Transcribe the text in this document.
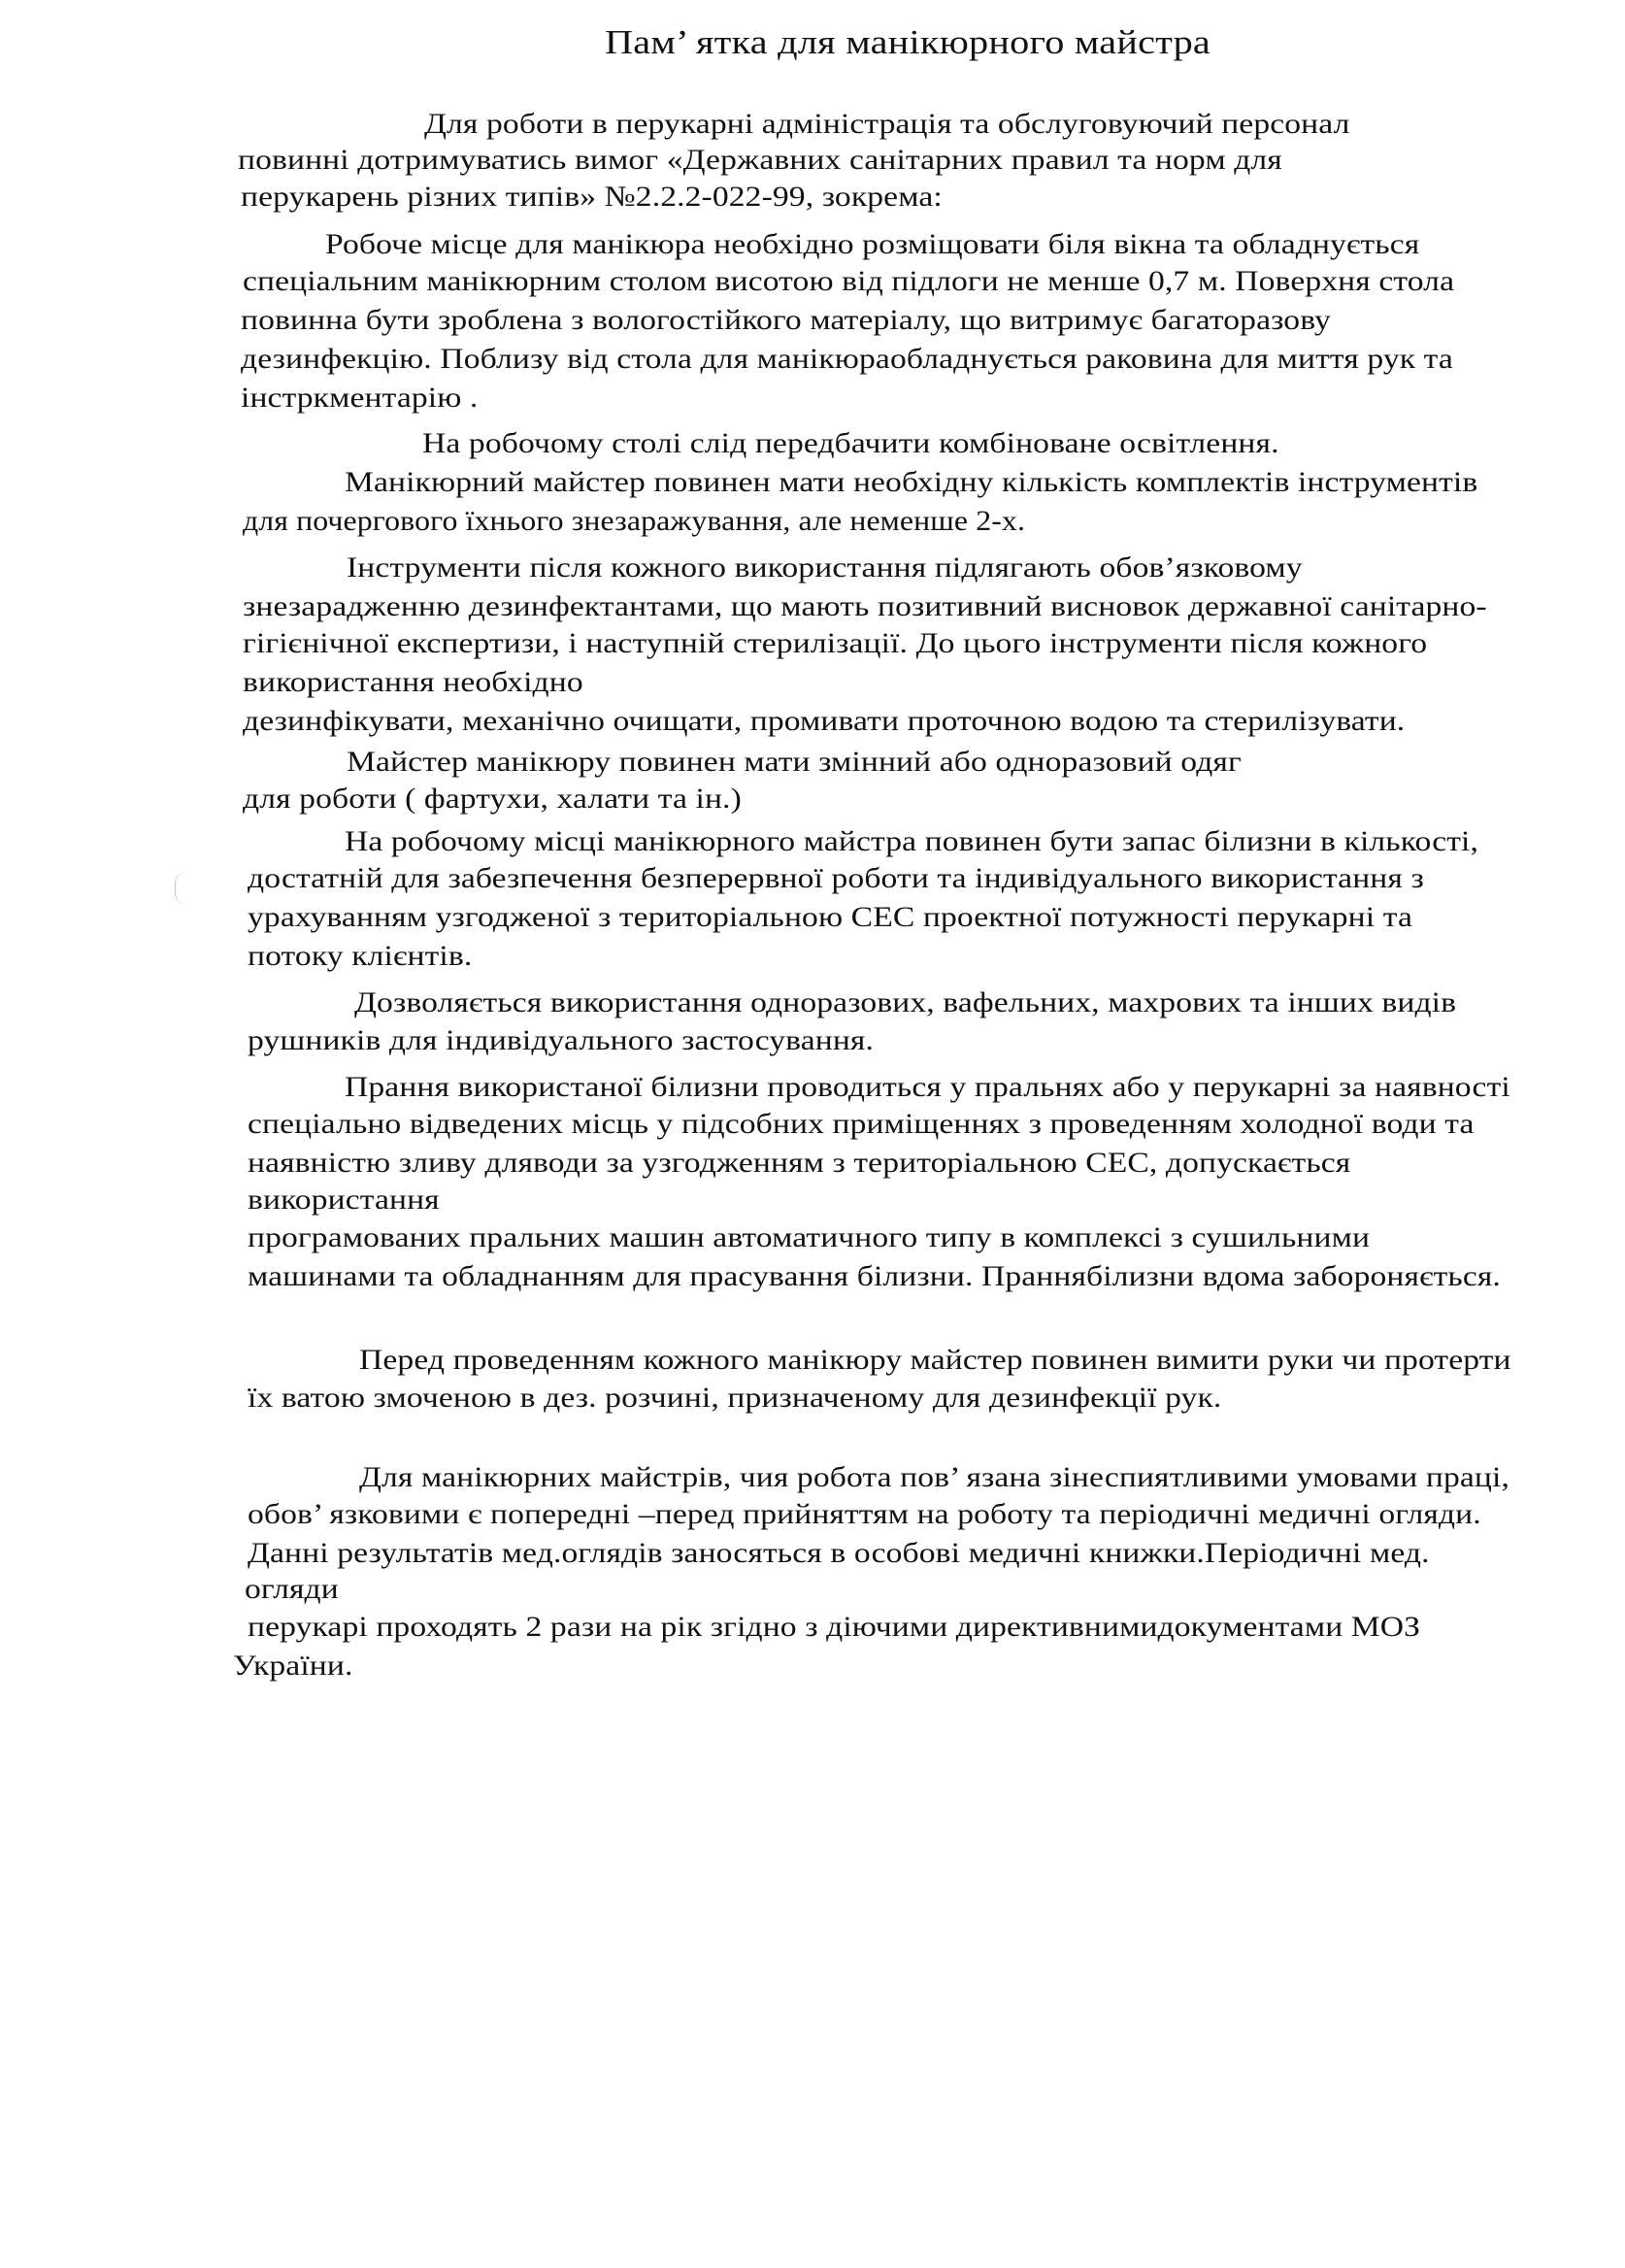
Пам’ ятка для манікюрного майстра
Для роботи в перукарні адміністрація та обслуговуючий персонал
повинні дотримуватись вимог «Державних санітарних правил та норм для
перукарень різних типів» №2.2.2-022-99, зокрема:
Робоче місце для манікюра необхідно розміщовати біля вікна та обладнується
спеціальним манікюрним столом висотою від підлоги не менше 0,7 м. Поверхня стола
повинна бути зроблена з вологостійкого матеріалу, що витримує багаторазову
дезинфекцію. Поблизу від стола для манікюраобладнується раковина для миття рук та
інстркментарію .
На робочому столі слід передбачити комбіноване освітлення.
Манікюрний майстер повинен мати необхідну кількість комплектів інструментів
для почергового їхнього знезаражування, але неменше 2-х.
Інструменти після кожного використання підлягають обов’язковому
знезараджeнню дезинфектантами, що мають позитивний висновок державної санітарно-
гігієнічної експертизи, і наступній стерилізації. До цього інструменти після кожного
використання необхідно
дезинфікувати, механічно очищати, промивати проточною водою та стерилізувати.
Майстер манікюру повинен мати змінний або одноразовий одяг
для роботи ( фартухи, халати та ін.)
На робочому місці манікюрного майстра повинен бути запас білизни в кількості,
достатній для забезпечення безперервної роботи та індивідуального використання з
урахуванням узгодженої з територіальною СЕС проектної потужності перукарні та
потоку клієнтів.
Дозволяється використання одноразових, вафельних, махрових та інших видів
рушників для індивідуального застосування.
Прання використаної білизни проводиться у пральнях або у перукарні за наявності
спеціально відведених місць у підсобних приміщеннях з проведенням холодної води та
наявністю зливу дляводи за узгодженням з територіальною СЕС, допускається
використання
програмованих пральних машин автоматичного типу в комплексі з сушильними
машинами та обладнанням для прасування білизни. Праннябілизни вдома забороняється.
Перед проведенням кожного манікюру майстер повинен вимити руки чи протерти
їх ватою змоченою в дез. розчині, призначеному для дезинфекції рук.
Для манікюрних майстрів, чия робота пов’ язана зінеспиятливими умовами праці,
обов’ язковими є попередні –перед прийняттям на роботу та періодичні медичні огляди.
Данні результатів мед.оглядів заносяться в особові медичні книжки.Періодичні мед.
огляди
перукарі проходять 2 рази на рік згідно з діючими директивнимидокументами МОЗ
України.
